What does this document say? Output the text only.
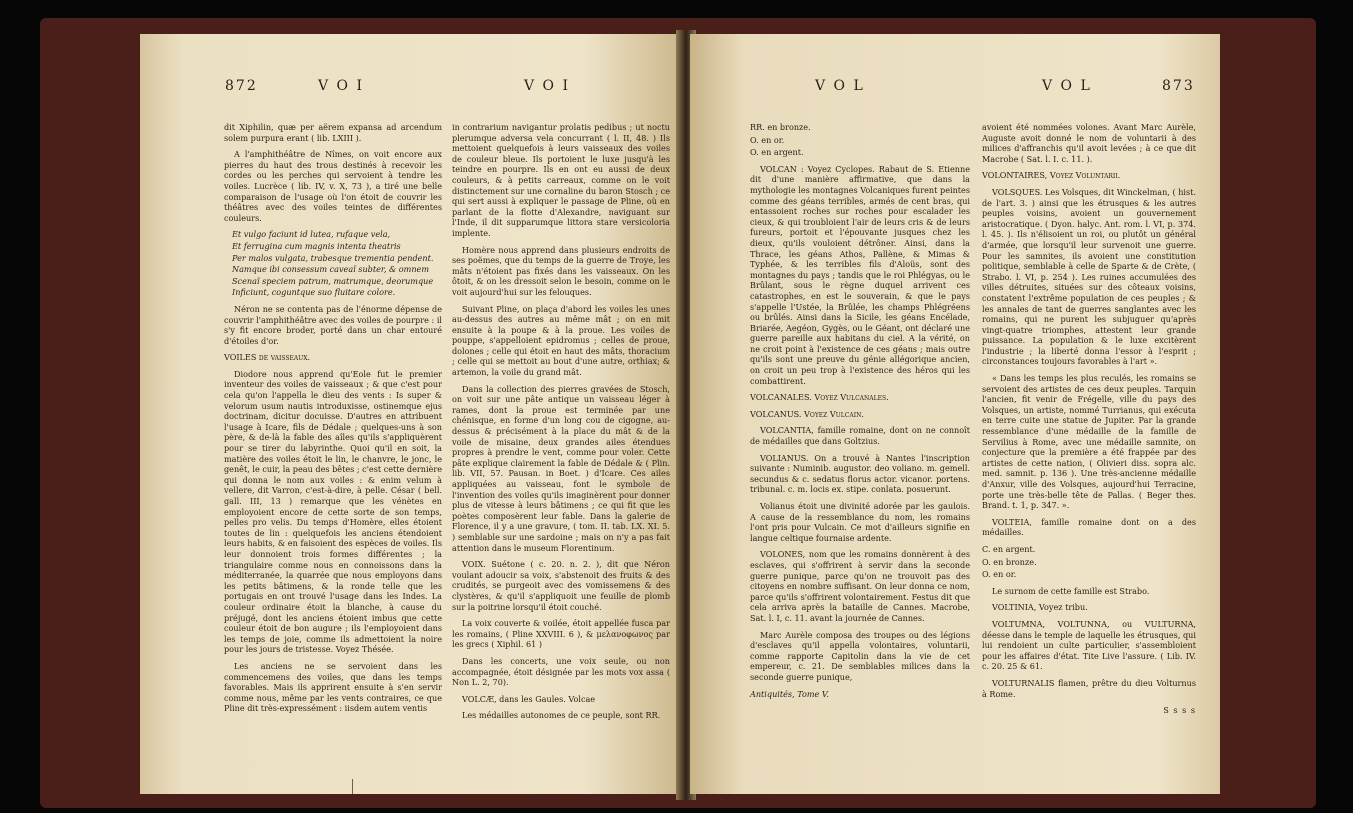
872	V O I	V O I

dit Xiphilin, quæ per aërem expansa ad arcendum solem purpura erant ( lib. LXIII ).

A l'amphithéâtre de Nîmes, on voit encore aux pierres du haut des trous destinés à recevoir les cordes ou les perches qui servoient à tendre les voiles. Lucrèce ( lib. IV, v. X, 73 ), a tiré une belle comparaison de l'usage où l'on étoit de couvrir les théâtres avec des voiles teintes de différentes couleurs.

Et vulgo faciunt id lutea, rufaque vela,

Et ferrugina cum magnis intenta theatris

Per malos vulgata, trabesque trementia pendent.

Namque ibi consessum caveaï subter, & omnem

Scenaï speciem patrum, matrumque, deorumque

Inficiunt, coguntque suo fluitare colore.

Néron ne se contenta pas de l'énorme dépense de couvrir l'amphithéâtre avec des voiles de pourpre : il s'y fit encore broder, porté dans un char entouré d'étoiles d'or.

VOILES de vaisseaux.

Diodore nous apprend qu'Eole fut le premier inventeur des voiles de vaisseaux ; & que c'est pour cela qu'on l'appella le dieu des vents : Is super & velorum usum nautis introduxisse, ostinemque ejus doctrinam, dicitur docuisse. D'autres en attribuent l'usage à Icare, fils de Dédale ; quelques-uns à son père, & de-là la fable des aîles qu'ils s'appliquèrent pour se tirer du labyrinthe. Quoi qu'il en soit, la matière des voiles étoit le lin, le chanvre, le jonc, le genêt, le cuir, la peau des bêtes ; c'est cette dernière qui donna le nom aux voiles : & enim velum à vellere, dit Varron, c'est-à-dire, à pelle. César ( bell. gall. III, 13 ) remarque que les vénètes en employoient encore de cette sorte de son temps, pelles pro velis. Du temps d'Homère, elles étoient toutes de lin : quelquefois les anciens étendoient leurs habits, & en faisoient des espèces de voiles. Ils leur donnoient trois formes différentes ; la triangulaire comme nous en connoissons dans la méditerranée, la quarrée que nous employons dans les petits bâtimens, & la ronde telle que les portugais en ont trouvé l'usage dans les Indes. La couleur ordinaire étoit la blanche, à cause du préjugé, dont les anciens étoient imbus que cette couleur étoit de bon augure ; ils l'employoient dans les temps de joie, comme ils admettoient la noire pour les jours de tristesse. Voyez Thésée.

Les anciens ne se servoient dans les commencemens des voiles, que dans les temps favorables. Mais ils apprirent ensuite à s'en servir comme nous, même par les vents contraires, ce que Pline dit très-expressément : iisdem autem ventis

in contrarium navigantur prolatis pedibus ; ut noctu plerumque adversa vela concurrant ( l. II, 48. ) Ils mettoient quelquefois à leurs vaisseaux des voiles de couleur bleue. Ils portoient le luxe jusqu'à les teindre en pourpre. Ils en ont eu aussi de deux couleurs, & à petits carreaux, comme on le voit distinctement sur une cornaline du baron Stosch ; ce qui sert aussi à expliquer le passage de Pline, où en parlant de la flotte d'Alexandre, naviguant sur l'Inde, il dit supparumque littora stare versicoloria implente.

Homère nous apprend dans plusieurs endroits de ses poëmes, que du temps de la guerre de Troye, les mâts n'étoient pas fixés dans les vaisseaux. On les ôtoit, & on les dressoit selon le besoin, comme on le voit aujourd'hui sur les felouques.

Suivant Pline, on plaça d'abord les voiles les unes au-dessus des autres au même mât ; on en mit ensuite à la poupe & à la proue. Les voiles de pouppe, s'appelloient epidromus ; celles de proue, dolones ; celle qui étoit en haut des mâts, thoracium ; celle qui se mettoit au bout d'une autre, orthiax; & artemon, la voile du grand mât.

Dans la collection des pierres gravées de Stosch, on voit sur une pâte antique un vaisseau léger à rames, dont la proue est terminée par une chénisque, en forme d'un long cou de cigogne, au-dessus & précisément à la place du mât & de la voile de misaine, deux grandes ailes étendues propres à prendre le vent, comme pour voler. Cette pâte explique clairement la fable de Dédale & ( Plin. lib. VII, 57. Pausan. in Boet. ) d'Icare. Ces ailes appliquées au vaisseau, font le symbole de l'invention des voiles qu'ils imaginèrent pour donner plus de vitesse à leurs bâtimens ; ce qui fit que les poètes composèrent leur fable. Dans la galerie de Florence, il y a une gravure, ( tom. II. tab. LX. XI. 5. ) semblable sur une sardoine ; mais on n'y a pas fait attention dans le museum Florentinum.

VOIX. Suétone ( c. 20. n. 2. ), dit que Néron voulant adoucir sa voix, s'abstenoit des fruits & des crudités, se purgeoit avec des vomissemens & des clystères, & qu'il s'appliquoit une feuille de plomb sur la poitrine lorsqu'il étoit couché.

La voix couverte & voilée, étoit appellée fusca par les romains, ( Pline XXVIII. 6 ), & μελανοφωνος par les grecs ( Xiphil. 61 )

Dans les concerts, une voix seule, ou non accompagnée, étoit désignée par les mots vox assa ( Non L. 2, 70).

VOLCÆ, dans les Gaules. Volcae

Les médailles autonomes de ce peuple, sont RR.

V O L	V O L	873

RR. en bronze.

O. en or.

O. en argent.

VOLCAN : Voyez Cyclopes. Rabaut de S. Etienne dit d'une manière affirmative, que dans la mythologie les montagnes Volcaniques furent peintes comme des géans terribles, armés de cent bras, qui entassoient roches sur roches pour escalader les cieux, & qui troubloient l'air de leurs cris & de leurs fureurs, portoit et l'épouvante jusques chez les dieux, qu'ils vouloient détrôner. Ainsi, dans la Thrace, les géans Athos, Pallène, & Mimas & Typhée, & les terribles fils d'Aloüs, sont des montagnes du pays ; tandis que le roi Phlégyas, ou le Brûlant, sous le règne duquel arrivent ces catastrophes, en est le souverain, & que le pays s'appelle l'Ustée, la Brûlée, les champs Phlégréens ou brûlés. Ainsi dans la Sicile, les géans Encélade, Briarée, Aegéon, Gygès, ou le Géant, ont déclaré une guerre pareille aux habitans du ciel. A la vérité, on ne croit point à l'existence de ces géans ; mais outre qu'ils sont une preuve du génie allégorique ancien, on croit un peu trop à l'existence des héros qui les combattirent.

VOLCANALES. Voyez Vulcanales.

VOLCANUS. Voyez Vulcain.

VOLCANTIA, famille romaine, dont on ne connoît de médailles que dans Goltzius.

VOLIANUS. On a trouvé à Nantes l'inscription suivante : Numinib. augustor. deo voliano. m. gemell. secundus & c. sedatus florus actor. vicanor. portens. tribunal. c. m. locis ex. stipe. conlata. posuerunt.

Volianus étoit une divinité adorée par les gaulois. A cause de la ressemblance du nom, les romains l'ont pris pour Vulcain. Ce mot d'ailleurs signifie en langue celtique fournaise ardente.

VOLONES, nom que les romains donnèrent à des esclaves, qui s'offrirent à servir dans la seconde guerre punique, parce qu'on ne trouvoit pas des citoyens en nombre suffisant. On leur donna ce nom, parce qu'ils s'offrirent volontairement. Festus dit que cela arriva après la bataille de Cannes. Macrobe, Sat. l. I, c. 11. avant la journée de Cannes.

Marc Aurèle composa des troupes ou des légions d'esclaves qu'il appella volontaires, voluntarii, comme rapporte Capitolin dans la vie de cet empereur, c. 21. De semblables milices dans la seconde guerre punique,

Antiquités, Tome V.

avoient été nommées volones. Avant Marc Aurèle, Auguste avoit donné le nom de voluntarii à des milices d'affranchis qu'il avoit levées ; à ce que dit Macrobe ( Sat. l. I. c. 11. ).

VOLONTAIRES, Voyez Voluntarii.

VOLSQUES. Les Volsques, dit Winckelman, ( hist. de l'art. 3. ) ainsi que les étrusques & les autres peuples voisins, avoient un gouvernement aristocratique. ( Dyon. halyc. Ant. rom. l. VI, p. 374. l. 45. ). Ils n'élisoient un roi, ou plutôt un général d'armée, que lorsqu'il leur survenoit une guerre. Pour les samnites, ils avoient une constitution politique, semblable à celle de Sparte & de Crète, ( Strabo. l. VI, p. 254 ). Les ruines accumulées des villes détruites, situées sur des côteaux voisins, constatent l'extrême population de ces peuples ; & les annales de tant de guerres sanglantes avec les romains, qui ne purent les subjuguer qu'après vingt-quatre triomphes, attestent leur grande puissance. La population & le luxe excitèrent l'industrie ; la liberté donna l'essor à l'esprit ; circonstances toujours favorables à l'art ».

« Dans les temps les plus reculés, les romains se servoient des artistes de ces deux peuples. Tarquin l'ancien, fit venir de Frégelle, ville du pays des Volsques, un artiste, nommé Turrianus, qui exécuta en terre cuite une statue de Jupiter. Par la grande ressemblance d'une médaille de la famille de Servilius à Rome, avec une médaille samnite, on conjecture que la première a été frappée par des artistes de cette nation, ( Olivieri diss. sopra alc. med. samnit. p. 136 ). Une très-ancienne médaille d'Anxur, ville des Volsques, aujourd'hui Terracine, porte une très-belle tête de Pallas. ( Beger thes. Brand. t. 1, p. 347. ».

VOLTEIA, famille romaine dont on a des médailles.

C. en argent.

O. en bronze.

O. en or.

Le surnom de cette famille est Strabo.

VOLTINIA, Voyez tribu.

VOLTUMNA, VOLTUNNA, ou VULTURNA, déesse dans le temple de laquelle les étrusques, qui lui rendoient un culte particulier, s'assembloient pour les affaires d'état. Tite Live l'assure. ( Lib. IV. c. 20. 25 & 61.

VOLTURNALIS flamen, prêtre du dieu Volturnus à Rome.

S s s s
